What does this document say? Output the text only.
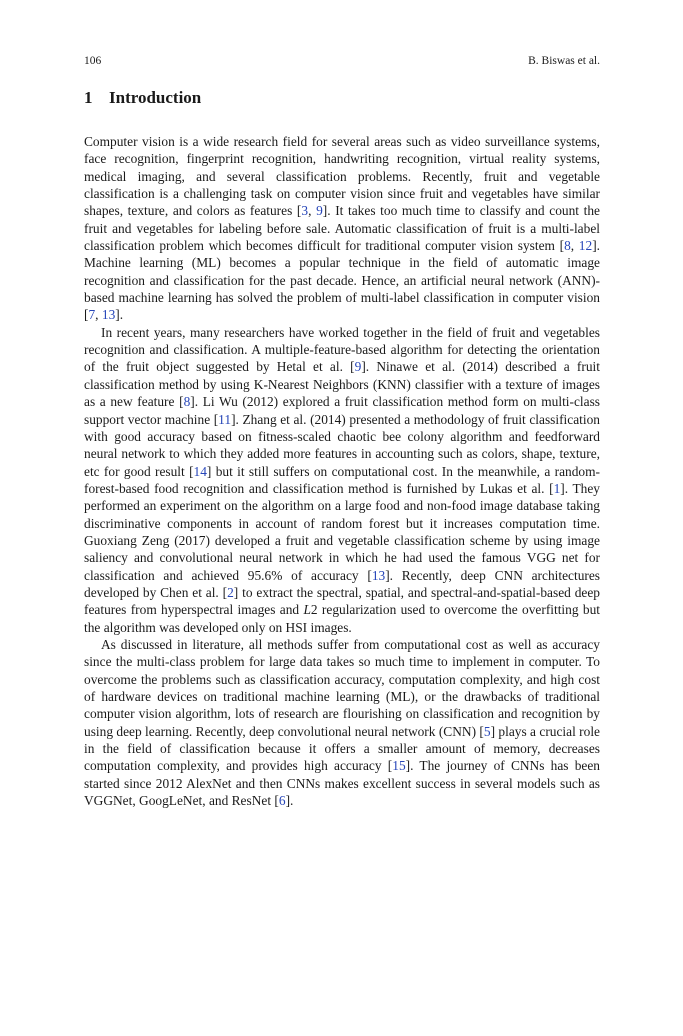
106	B. Biswas et al.
1 Introduction

Computer vision is a wide research field for several areas such as video surveillance systems, face recognition, fingerprint recognition, handwriting recognition, virtual reality systems, medical imaging, and several classification problems. Recently, fruit and vegetable classification is a challenging task on computer vision since fruit and vegetables have similar shapes, texture, and colors as features [3, 9]. It takes too much time to classify and count the fruit and vegetables for labeling before sale. Automatic classification of fruit is a multi-label classification problem which becomes difficult for traditional computer vision system [8, 12]. Machine learning (ML) becomes a popular technique in the field of automatic image recognition and classification for the past decade. Hence, an artificial neural network (ANN)-based machine learning has solved the problem of multi-label classification in computer vision [7, 13].

In recent years, many researchers have worked together in the field of fruit and vegetables recognition and classification. A multiple-feature-based algorithm for detecting the orientation of the fruit object suggested by Hetal et al. [9]. Ninawe et al. (2014) described a fruit classification method by using K-Nearest Neighbors (KNN) classifier with a texture of images as a new feature [8]. Li Wu (2012) explored a fruit classification method form on multi-class support vector machine [11]. Zhang et al. (2014) presented a methodology of fruit classification with good accuracy based on fitness-scaled chaotic bee colony algorithm and feedforward neural network to which they added more features in accounting such as colors, shape, texture, etc for good result [14] but it still suffers on computational cost. In the meanwhile, a random-forest-based food recognition and classification method is furnished by Lukas et al. [1]. They performed an experiment on the algorithm on a large food and non-food image database taking discriminative components in account of random forest but it increases computation time. Guoxiang Zeng (2017) developed a fruit and vegetable classification scheme by using image saliency and convolutional neural network in which he had used the famous VGG net for classification and achieved 95.6% of accuracy [13]. Recently, deep CNN architectures developed by Chen et al. [2] to extract the spectral, spatial, and spectral-and-spatial-based deep features from hyperspectral images and L2 regularization used to overcome the overfitting but the algorithm was developed only on HSI images.

As discussed in literature, all methods suffer from computational cost as well as accuracy since the multi-class problem for large data takes so much time to implement in computer. To overcome the problems such as classification accuracy, computation complexity, and high cost of hardware devices on traditional machine learning (ML), or the drawbacks of traditional computer vision algorithm, lots of research are flourishing on classification and recognition by using deep learning. Recently, deep convolutional neural network (CNN) [5] plays a crucial role in the field of classification because it offers a smaller amount of memory, decreases computation complexity, and provides high accuracy [15]. The journey of CNNs has been started since 2012 AlexNet and then CNNs makes excellent success in several models such as VGGNet, GoogLeNet, and ResNet [6].
